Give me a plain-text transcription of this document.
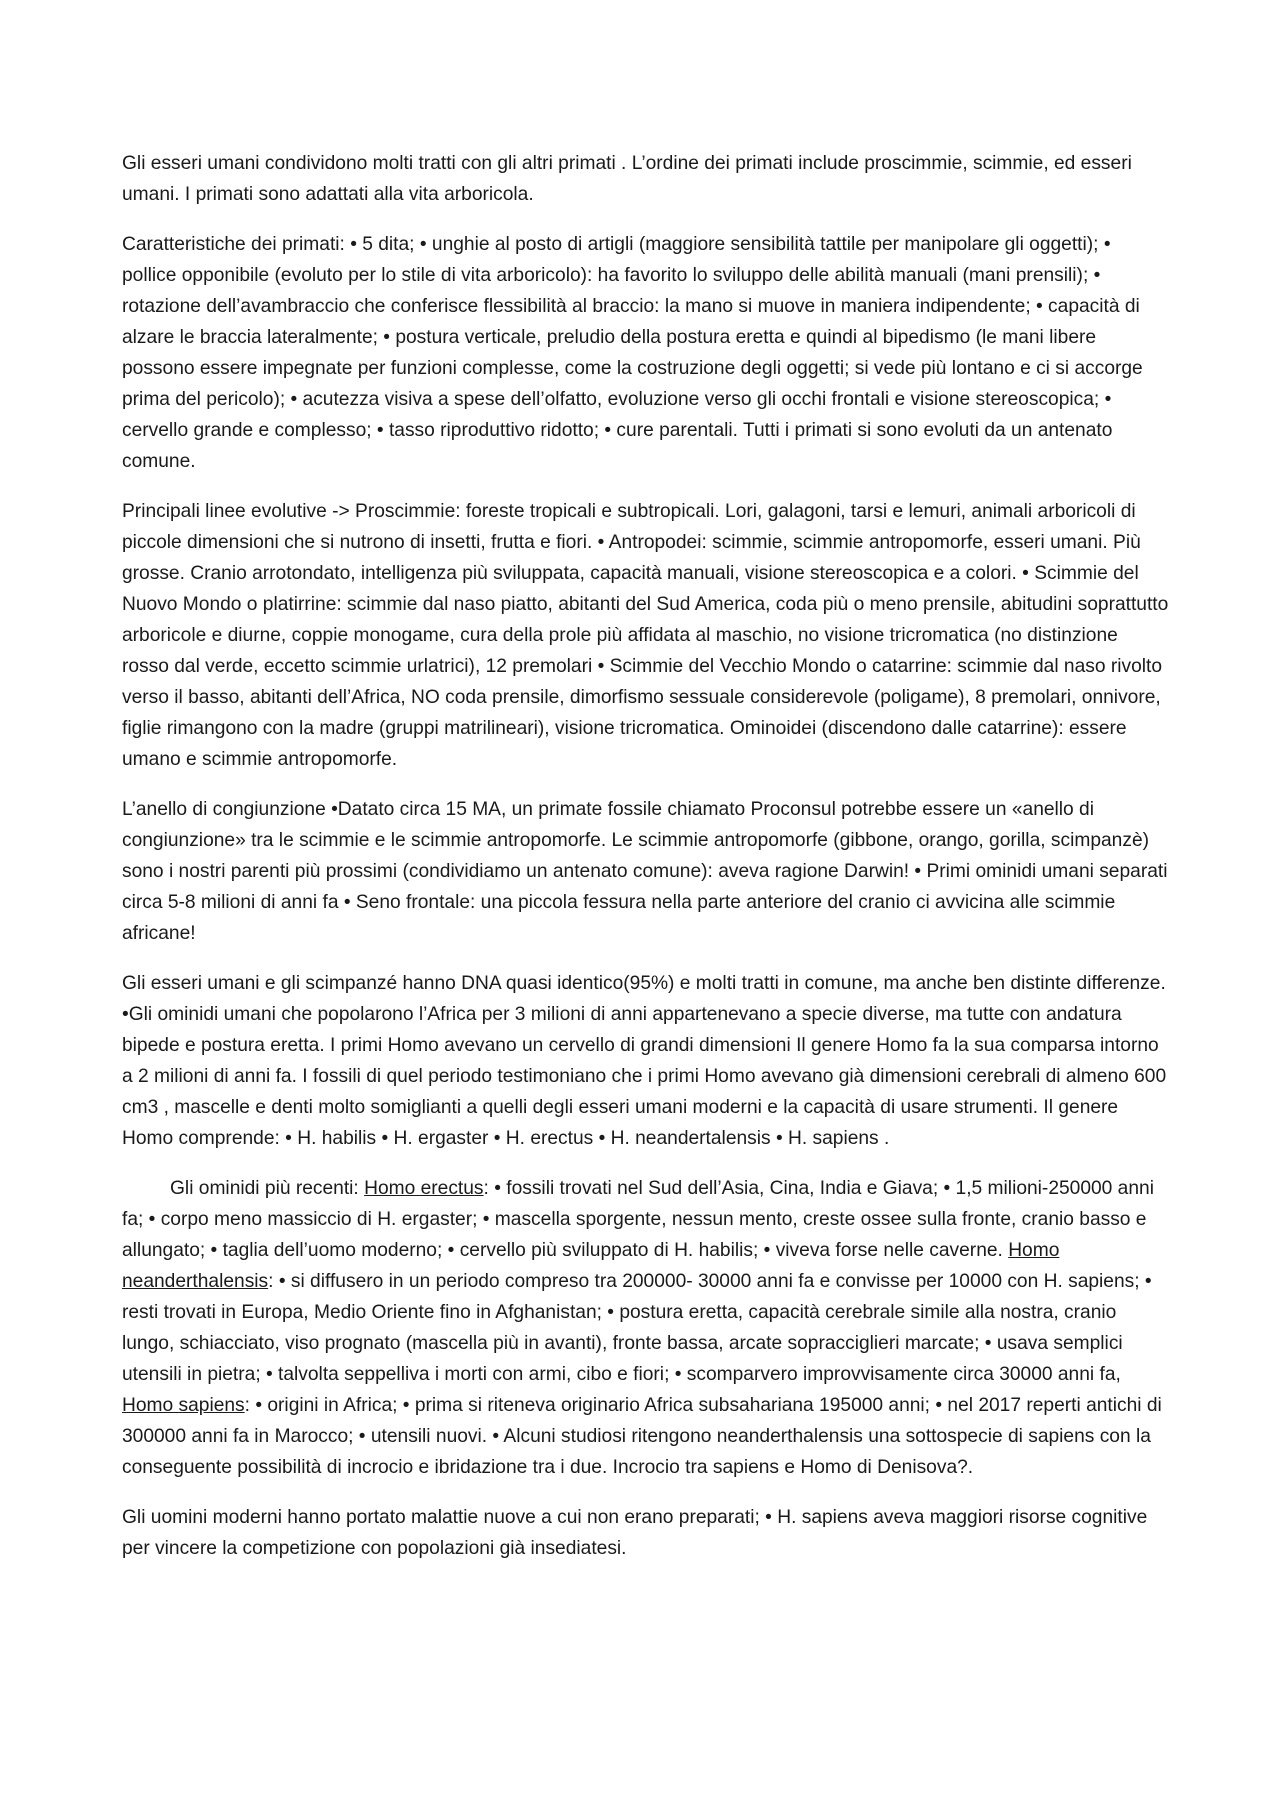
Gli esseri umani condividono molti tratti con gli altri primati . L’ordine dei primati include proscimmie, scimmie, ed esseri umani. I primati sono adattati alla vita arboricola.

Caratteristiche dei primati: • 5 dita; • unghie al posto di artigli (maggiore sensibilità tattile per manipolare gli oggetti); • pollice opponibile (evoluto per lo stile di vita arboricolo): ha favorito lo sviluppo delle abilità manuali (mani prensili); • rotazione dell’avambraccio che conferisce flessibilità al braccio: la mano si muove in maniera indipendente; • capacità di alzare le braccia lateralmente; • postura verticale, preludio della postura eretta e quindi al bipedismo (le mani libere possono essere impegnate per funzioni complesse, come la costruzione degli oggetti; si vede più lontano e ci si accorge prima del pericolo); • acutezza visiva a spese dell’olfatto, evoluzione verso gli occhi frontali e visione stereoscopica; • cervello grande e complesso; • tasso riproduttivo ridotto; • cure parentali. Tutti i primati si sono evoluti da un antenato comune.

Principali linee evolutive -> Proscimmie: foreste tropicali e subtropicali. Lori, galagoni, tarsi e lemuri, animali arboricoli di piccole dimensioni che si nutrono di insetti, frutta e fiori. • Antropodei: scimmie, scimmie antropomorfe, esseri umani. Più grosse. Cranio arrotondato, intelligenza più sviluppata, capacità manuali, visione stereoscopica e a colori. • Scimmie del Nuovo Mondo o platirrine: scimmie dal naso piatto, abitanti del Sud America, coda più o meno prensile, abitudini soprattutto arboricole e diurne, coppie monogame, cura della prole più affidata al maschio, no visione tricromatica (no distinzione rosso dal verde, eccetto scimmie urlatrici), 12 premolari • Scimmie del Vecchio Mondo o catarrine: scimmie dal naso rivolto verso il basso, abitanti dell’Africa, NO coda prensile, dimorfismo sessuale considerevole (poligame), 8 premolari, onnivore, figlie rimangono con la madre (gruppi matrilineari), visione tricromatica. Ominoidei (discendono dalle catarrine): essere umano e scimmie antropomorfe.

L’anello di congiunzione •Datato circa 15 MA, un primate fossile chiamato Proconsul potrebbe essere un «anello di congiunzione» tra le scimmie e le scimmie antropomorfe. Le scimmie antropomorfe (gibbone, orango, gorilla, scimpanzè) sono i nostri parenti più prossimi (condividiamo un antenato comune): aveva ragione Darwin! • Primi ominidi umani separati circa 5-8 milioni di anni fa • Seno frontale: una piccola fessura nella parte anteriore del cranio ci avvicina alle scimmie africane!

Gli esseri umani e gli scimpanzé hanno DNA quasi identico(95%) e molti tratti in comune, ma anche ben distinte differenze. •Gli ominidi umani che popolarono l’Africa per 3 milioni di anni appartenevano a specie diverse, ma tutte con andatura bipede e postura eretta. I primi Homo avevano un cervello di grandi dimensioni Il genere Homo fa la sua comparsa intorno a 2 milioni di anni fa. I fossili di quel periodo testimoniano che i primi Homo avevano già dimensioni cerebrali di almeno 600 cm3 , mascelle e denti molto somiglianti a quelli degli esseri umani moderni e la capacità di usare strumenti. Il genere Homo comprende: • H. habilis • H. ergaster • H. erectus • H. neandertalensis • H. sapiens .

Gli ominidi più recenti: Homo erectus: • fossili trovati nel Sud dell’Asia, Cina, India e Giava; • 1,5 milioni-250000 anni fa; • corpo meno massiccio di H. ergaster; • mascella sporgente, nessun mento, creste ossee sulla fronte, cranio basso e allungato; • taglia dell’uomo moderno; • cervello più sviluppato di H. habilis; • viveva forse nelle caverne. Homo neanderthalensis: • si diffusero in un periodo compreso tra 200000- 30000 anni fa e convisse per 10000 con H. sapiens; • resti trovati in Europa, Medio Oriente fino in Afghanistan; • postura eretta, capacità cerebrale simile alla nostra, cranio lungo, schiacciato, viso prognato (mascella più in avanti), fronte bassa, arcate sopracciglieri marcate; • usava semplici utensili in pietra; • talvolta seppelliva i morti con armi, cibo e fiori; • scomparvero improvvisamente circa 30000 anni fa, Homo sapiens: • origini in Africa; • prima si riteneva originario Africa subsahariana 195000 anni; • nel 2017 reperti antichi di 300000 anni fa in Marocco; • utensili nuovi. • Alcuni studiosi ritengono neanderthalensis una sottospecie di sapiens con la conseguente possibilità di incrocio e ibridazione tra i due. Incrocio tra sapiens e Homo di Denisova?.

Gli uomini moderni hanno portato malattie nuove a cui non erano preparati; • H. sapiens aveva maggiori risorse cognitive per vincere la competizione con popolazioni già insediatesi.
